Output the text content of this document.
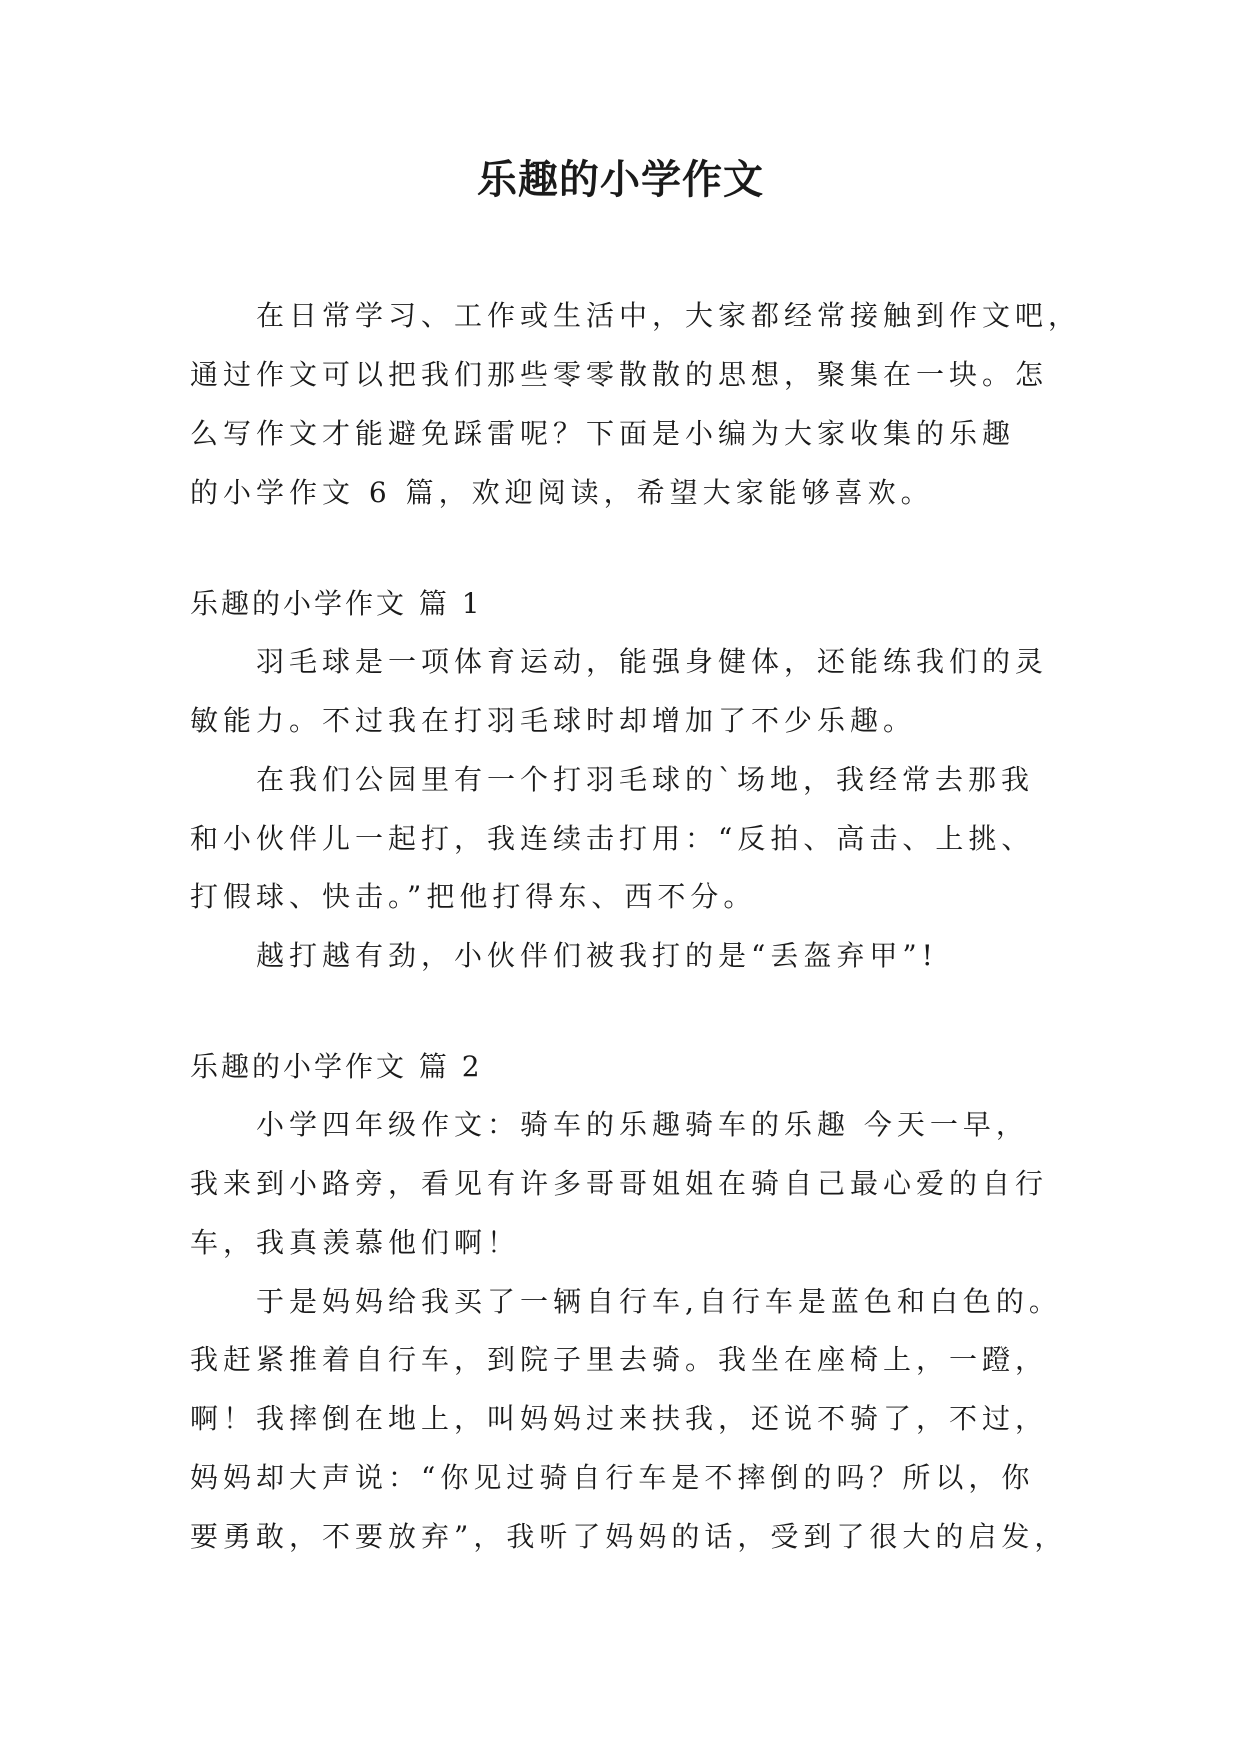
乐趣的小学作文
在日常学习、工作或生活中，大家都经常接触到作文吧，
通过作文可以把我们那些零零散散的思想，聚集在一块。怎
么写作文才能避免踩雷呢？下面是小编为大家收集的乐趣
的小学作文 6 篇，欢迎阅读，希望大家能够喜欢。
乐趣的小学作文 篇 1
羽毛球是一项体育运动，能强身健体，还能练我们的灵
敏能力。不过我在打羽毛球时却增加了不少乐趣。
在我们公园里有一个打羽毛球的`场地，我经常去那我
和小伙伴儿一起打，我连续击打用：“反拍、高击、上挑、
打假球、快击。”把他打得东、西不分。
越打越有劲，小伙伴们被我打的是“丢盔弃甲”!
乐趣的小学作文 篇 2
小学四年级作文：骑车的乐趣骑车的乐趣 今天一早，
我来到小路旁，看见有许多哥哥姐姐在骑自己最心爱的自行
车，我真羡慕他们啊！
于是妈妈给我买了一辆自行车,自行车是蓝色和白色的。
我赶紧推着自行车，到院子里去骑。我坐在座椅上，一蹬，
啊！我摔倒在地上，叫妈妈过来扶我，还说不骑了，不过，
妈妈却大声说：“你见过骑自行车是不摔倒的吗？所以，你
要勇敢，不要放弃”，我听了妈妈的话，受到了很大的启发，
